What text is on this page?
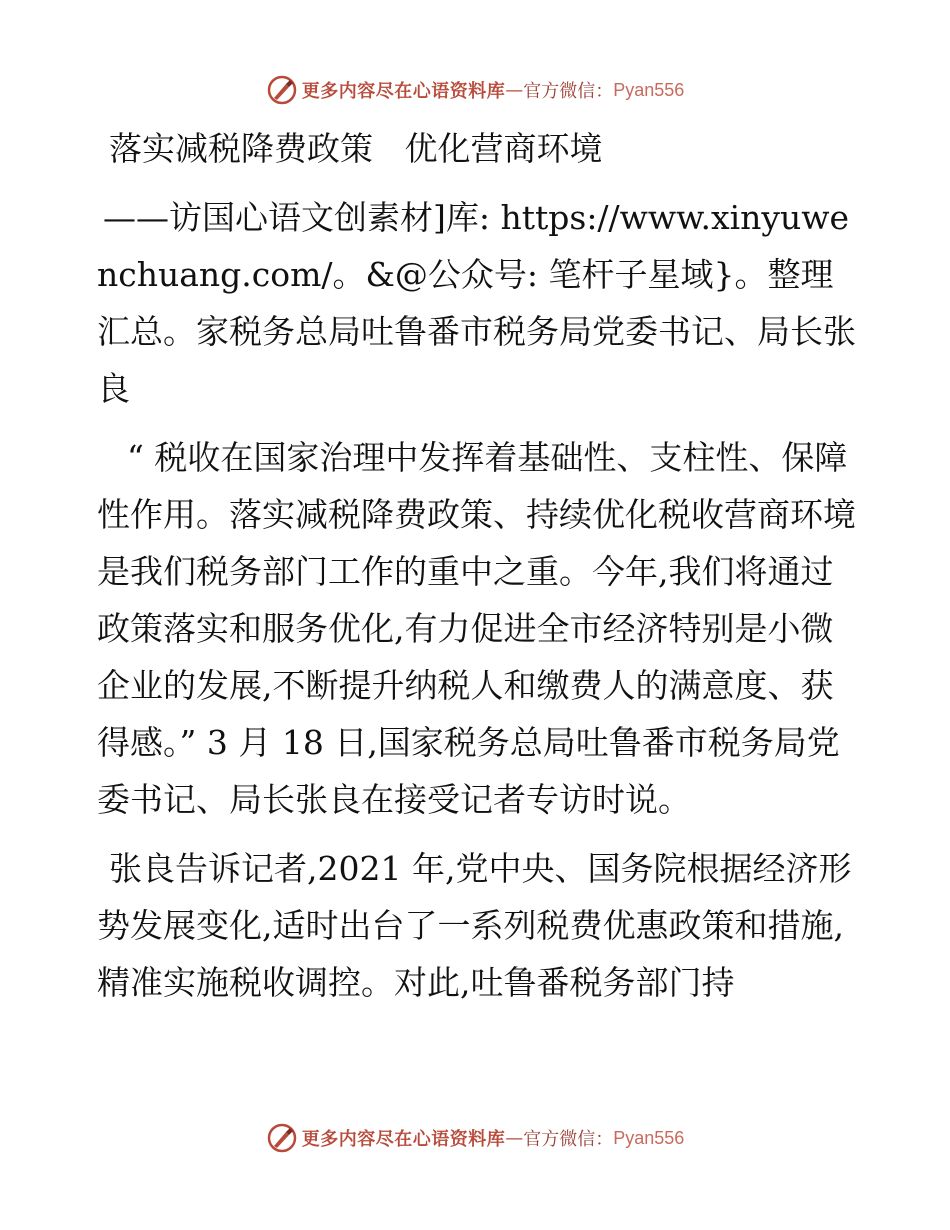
更多内容尽在心语资料库 — 官方微信： Pyan556

落实减税降费政策   优化营商环境

——访国心语文创素材]库: https://www.xinyuwenchuang.com/。&@公众号: 笔杆子星域}。整理汇总。家税务总局吐鲁番市税务局党委书记、局长张良

“ 税收在国家治理中发挥着基础性、支柱性、保障性作用。落实减税降费政策、持续优化税收营商环境是我们税务部门工作的重中之重。今年,我们将通过政策落实和服务优化,有力促进全市经济特别是小微企业的发展,不断提升纳税人和缴费人的满意度、获得感。” 3 月 18 日,国家税务总局吐鲁番市税务局党委书记、局长张良在接受记者专访时说。

张良告诉记者,2021 年,党中央、国务院根据经济形势发展变化,适时出台了一系列税费优惠政策和措施,精准实施税收调控。对此,吐鲁番税务部门持

更多内容尽在心语资料库 — 官方微信： Pyan556
